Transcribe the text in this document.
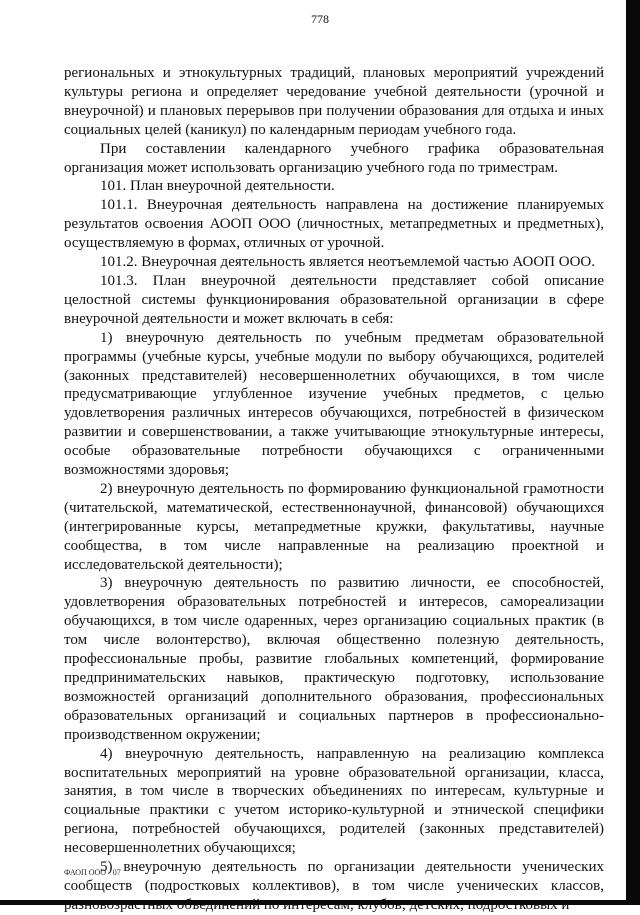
778

региональных и этнокультурных традиций, плановых мероприятий учреждений культуры региона и определяет чередование учебной деятельности (урочной и внеурочной) и плановых перерывов при получении образования для отдыха и иных социальных целей (каникул) по календарным периодам учебного года.

При составлении календарного учебного графика образовательная организация может использовать организацию учебного года по триместрам.

101. План внеурочной деятельности.

101.1. Внеурочная деятельность направлена на достижение планируемых результатов освоения АООП ООО (личностных, метапредметных и предметных), осуществляемую в формах, отличных от урочной.

101.2. Внеурочная деятельность является неотъемлемой частью АООП ООО.

101.3. План внеурочной деятельности представляет собой описание целостной системы функционирования образовательной организации в сфере внеурочной деятельности и может включать в себя:

1) внеурочную деятельность по учебным предметам образовательной программы (учебные курсы, учебные модули по выбору обучающихся, родителей (законных представителей) несовершеннолетних обучающихся, в том числе предусматривающие углубленное изучение учебных предметов, с целью удовлетворения различных интересов обучающихся, потребностей в физическом развитии и совершенствовании, а также учитывающие этнокультурные интересы, особые образовательные потребности обучающихся с ограниченными возможностями здоровья;

2) внеурочную деятельность по формированию функциональной грамотности (читательской, математической, естественнонаучной, финансовой) обучающихся (интегрированные курсы, метапредметные кружки, факультативы, научные сообщества, в том числе направленные на реализацию проектной и исследовательской деятельности);

3) внеурочную деятельность по развитию личности, ее способностей, удовлетворения образовательных потребностей и интересов, самореализации обучающихся, в том числе одаренных, через организацию социальных практик (в том числе волонтерство), включая общественно полезную деятельность, профессиональные пробы, развитие глобальных компетенций, формирование предпринимательских навыков, практическую подготовку, использование возможностей организаций дополнительного образования, профессиональных образовательных организаций и социальных партнеров в профессионально-производственном окружении;

4) внеурочную деятельность, направленную на реализацию комплекса воспитательных мероприятий на уровне образовательной организации, класса, занятия, в том числе в творческих объединениях по интересам, культурные и социальные практики с учетом историко-культурной и этнической специфики региона, потребностей обучающихся, родителей (законных представителей) несовершеннолетних обучающихся;

5) внеурочную деятельность по организации деятельности ученических сообществ (подростковых коллективов), в том числе ученических классов,

ФАОП ООО - 07
